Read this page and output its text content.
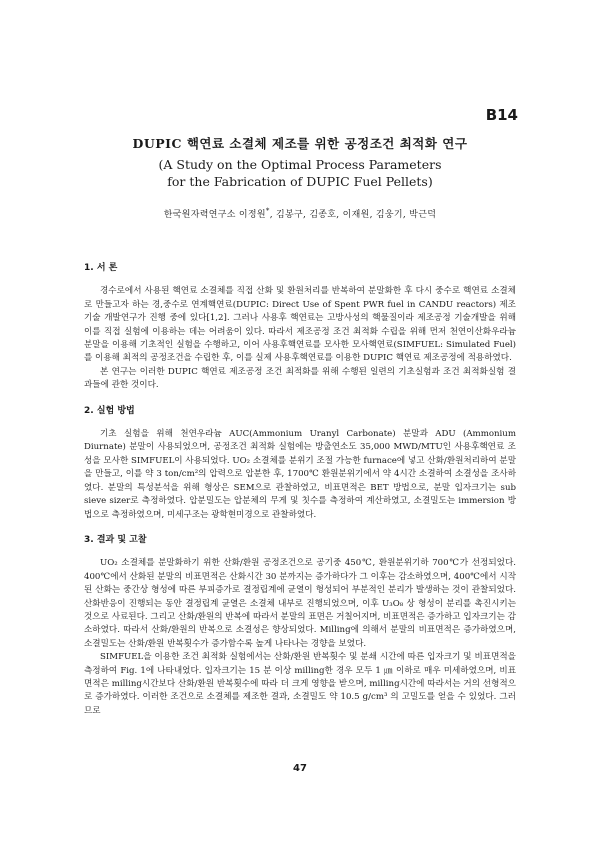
B14

DUPIC 핵연료 소결체 제조를 위한 공정조건 최적화 연구

(A Study on the Optimal Process Parameters

for the Fabrication of DUPIC Fuel Pellets)

한국원자력연구소 이정원*, 김봉구, 김종호, 이재원, 김웅기, 박근덕

1. 서 론

경수로에서 사용된 핵연료 소결체를 직접 산화 및 환원처리를 반복하여 분말화한 후 다시 중수로 핵연료 소결체로 만들고자 하는 경,중수로 연계핵연료(DUPIC: Direct Use of Spent PWR fuel in CANDU reactors) 제조기술 개발연구가 진행 중에 있다[1,2]. 그러나 사용후 핵연료는 고방사성의 핵물질이라 제조공정 기술개발을 위해 이를 직접 실험에 이용하는 데는 어려움이 있다. 따라서 제조공정 조건 최적화 수립을 위해 먼저 천연이산화우라늄 분말을 이용해 기초적인 실험을 수행하고, 이어 사용후핵연료를 모사한 모사핵연료(SIMFUEL: Simulated Fuel)를 이용해 최적의 공정조건을 수립한 후, 이를 실제 사용후핵연료를 이용한 DUPIC 핵연료 제조공정에 적용하였다.

본 연구는 이러한 DUPIC 핵연료 제조공정 조건 최적화를 위해 수행된 일련의 기초실험과 조건 최적화실험 결과들에 관한 것이다.

2. 실험 방법

기초 실험을 위해 천연우라늄 AUC(Ammonium Uranyl Carbonate) 분말과 ADU (Ammonium Diurnate) 분말이 사용되었으며, 공정조건 최적화 실험에는 방출연소도 35,000 MWD/MTU인 사용후핵연료 조성을 모사한 SIMFUEL이 사용되었다. UO₂ 소결체를 분위기 조절 가능한 furnace에 넣고 산화/환원처리하여 분말을 만들고, 이를 약 3 ton/cm²의 압력으로 압분한 후, 1700℃ 환원분위기에서 약 4시간 소결하여 소결성을 조사하였다. 분말의 특성분석을 위해 형상은 SEM으로 관찰하였고, 비표면적은 BET 방법으로, 분말 입자크기는 sub sieve sizer로 측정하였다. 압분밀도는 압분체의 무게 및 칫수를 측정하여 계산하였고, 소결밀도는 immersion 방법으로 측정하였으며, 미세구조는 광학현미경으로 관찰하였다.

3. 결과 및 고찰

UO₂ 소결체를 분말화하기 위한 산화/환원 공정조건으로 공기중 450℃, 환원분위기하 700℃가 선정되었다. 400℃에서 산화된 분말의 비표면적은 산화시간 30 분까지는 증가하다가 그 이후는 감소하였으며, 400℃에서 시작된 산화는 중간상 형성에 따른 부피증가로 결정립계에 균열이 형성되어 부분적인 분리가 발생하는 것이 관찰되었다. 산화반응이 진행되는 동안 결정립계 균열은 소결체 내부로 진행되었으며, 이후 U₃O₈ 상 형성이 분리를 촉진시키는 것으로 사료된다. 그리고 산화/환원의 반복에 따라서 분말의 표면은 거칠어지며, 비표면적은 증가하고 입자크기는 감소하였다. 따라서 산화/환원의 반복으로 소결성은 향상되었다. Milling에 의해서 분말의 비표면적은 증가하였으며, 소결밀도는 산화/환원 반복횟수가 증가함수록 높게 나타나는 경향을 보였다.

SIMFUEL을 이용한 조건 최적화 실험에서는 산화/환원 반복횟수 및 분쇄 시간에 따른 입자크기 및 비표면적을 측정하여 Fig. 1에 나타내었다. 입자크기는 15 분 이상 milling한 경우 모두 1 ㎛ 이하로 매우 미세하였으며, 비표면적은 milling시간보다 산화/환원 반복횟수에 따라 더 크게 영향을 받으며, milling시간에 따라서는 거의 선형적으로 증가하였다. 이러한 조건으로 소결체를 제조한 결과, 소결밀도 약 10.5 g/cm³ 의 고밀도를 얻을 수 있었다. 그러므로

47
